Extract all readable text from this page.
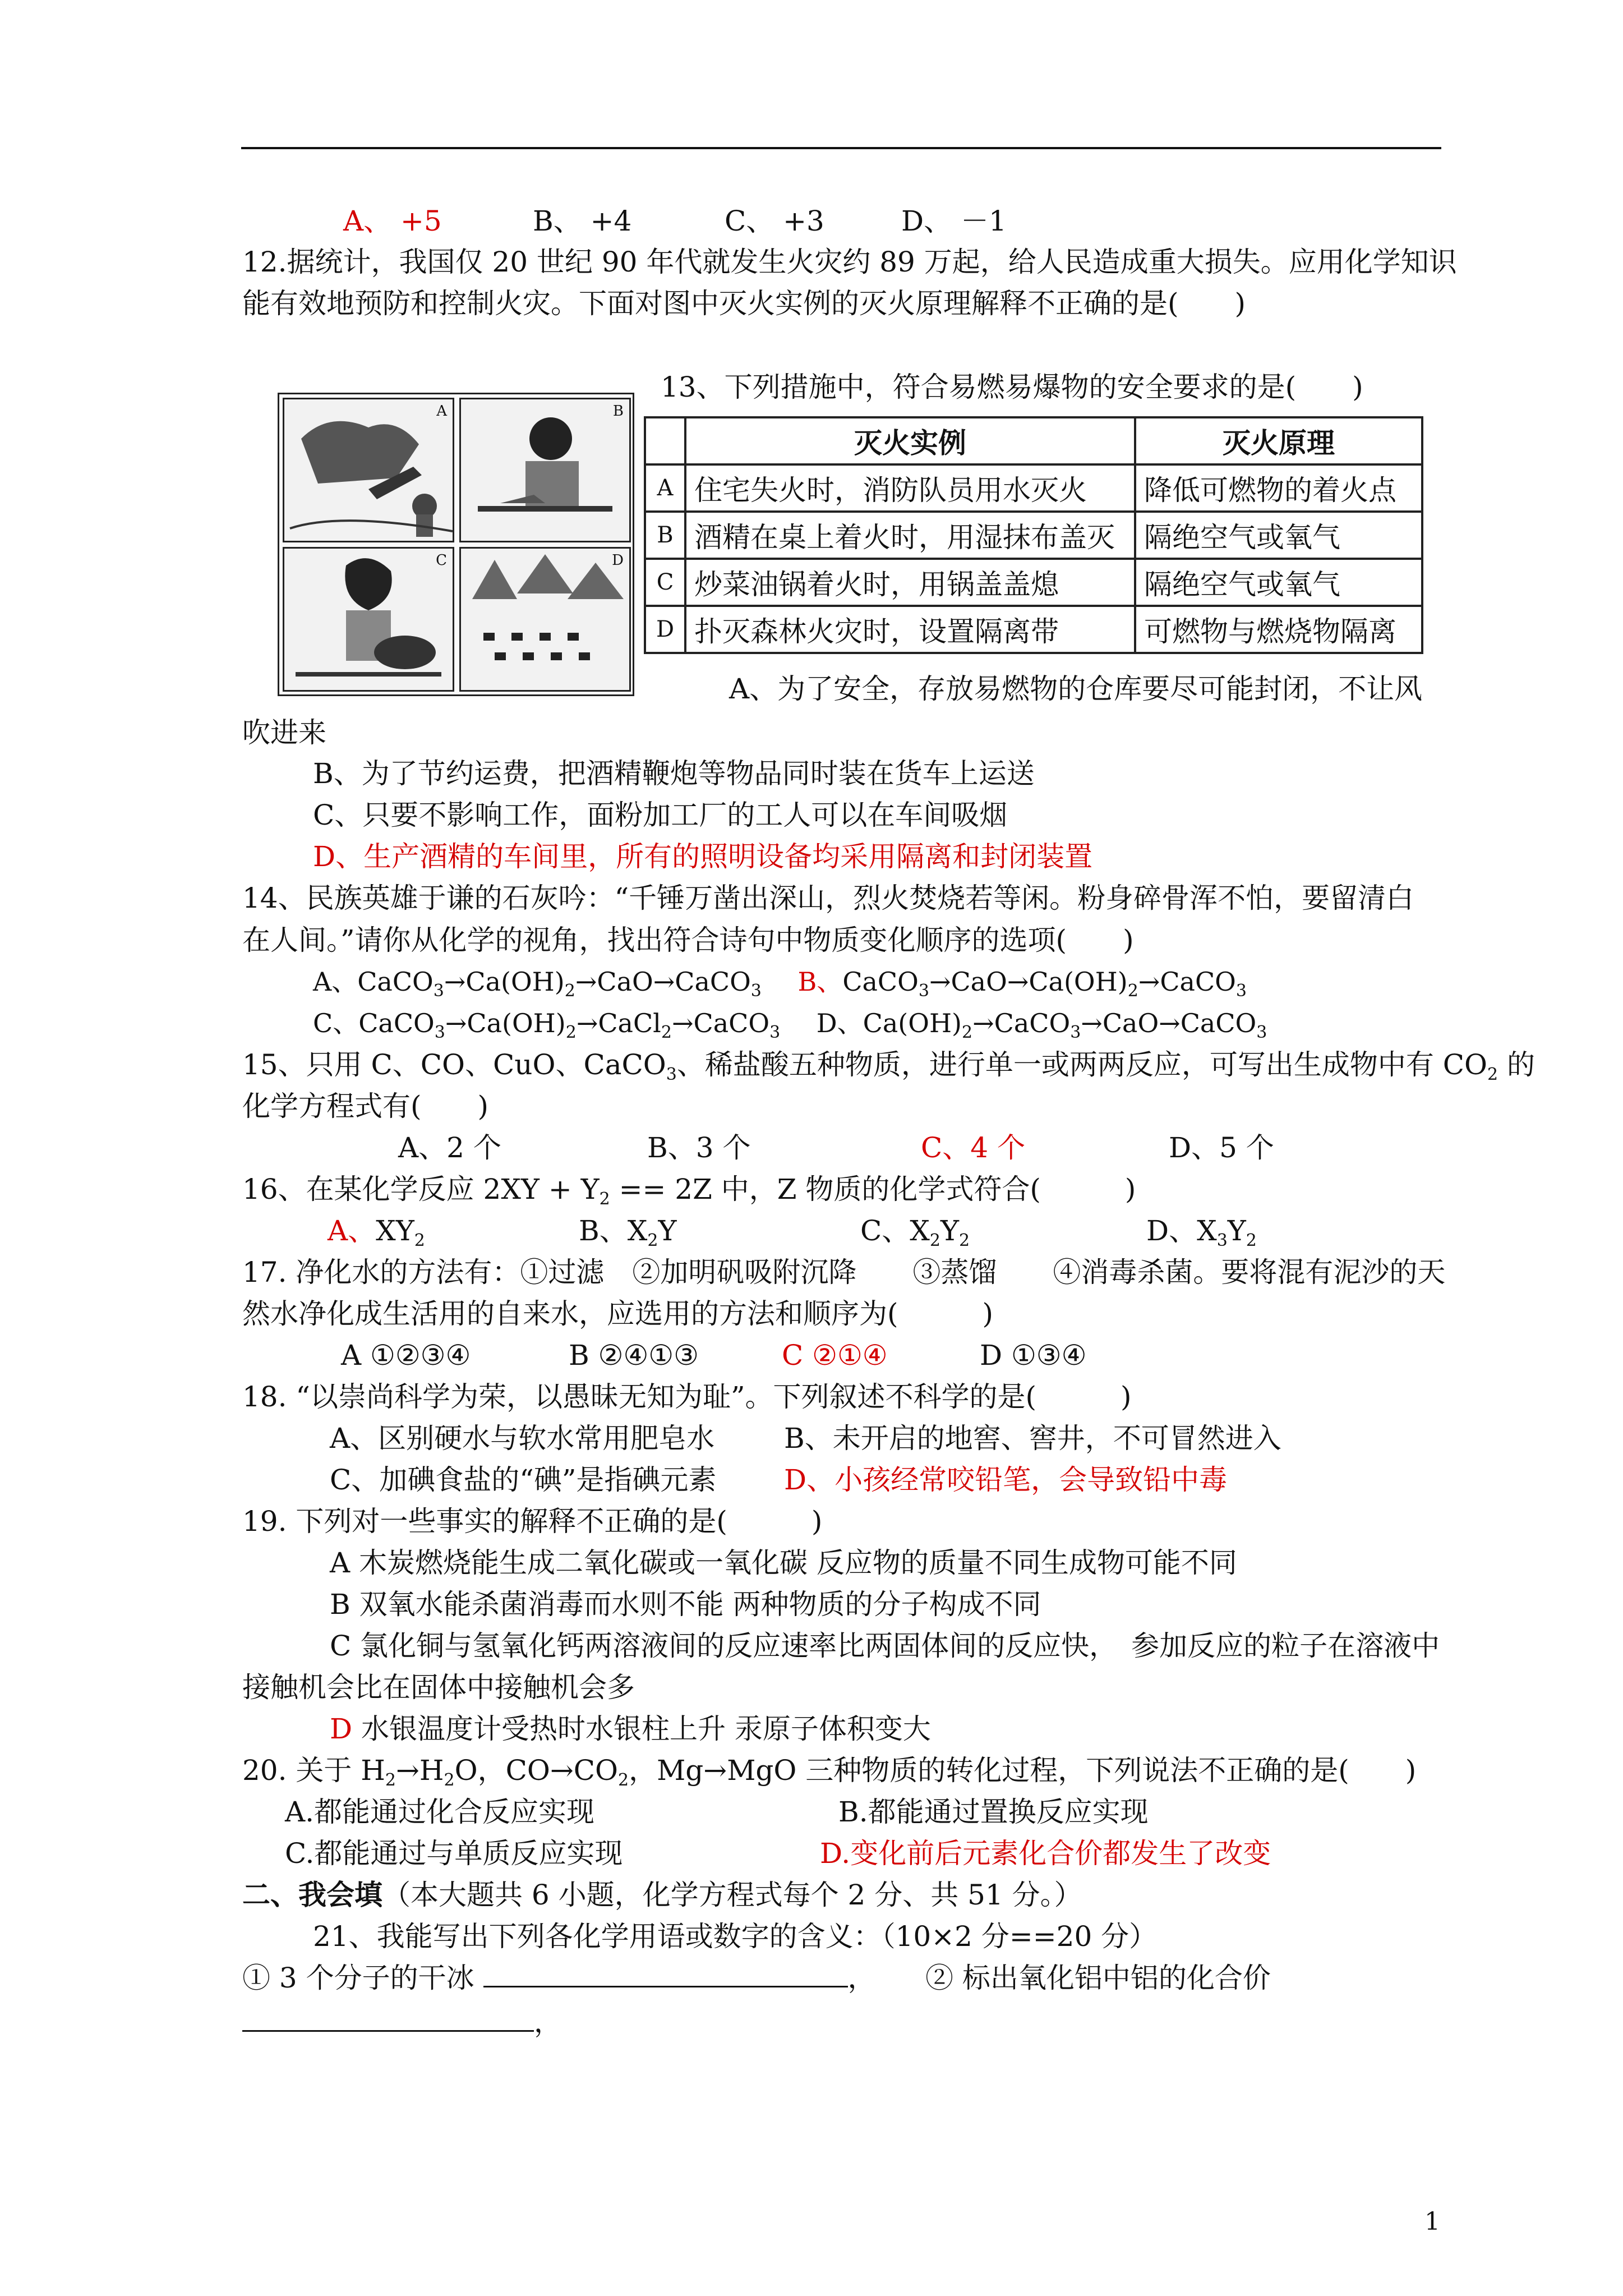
A、 +5	B、 +4	C、 +3	D、 －1
12.据统计，我国仅 20 世纪 90 年代就发生火灾约 89 万起，给人民造成重大损失。应用化学知识
能有效地预防和控制火灾。下面对图中灭火实例的灭火原理解释不正确的是(　　)
A	B
C	D
13、下列措施中，符合易燃易爆物的安全要求的是(　　)
	灭火实例	灭火原理
A	住宅失火时，消防队员用水灭火	降低可燃物的着火点
B	酒精在桌上着火时，用湿抹布盖灭	隔绝空气或氧气
C	炒菜油锅着火时，用锅盖盖熄	隔绝空气或氧气
D	扑灭森林火灾时，设置隔离带	可燃物与燃烧物隔离
A、为了安全，存放易燃物的仓库要尽可能封闭，不让风
吹进来
B、为了节约运费，把酒精鞭炮等物品同时装在货车上运送
C、只要不影响工作，面粉加工厂的工人可以在车间吸烟
D、生产酒精的车间里，所有的照明设备均采用隔离和封闭装置
14、民族英雄于谦的石灰吟：“千锤万凿出深山，烈火焚烧若等闲。粉身碎骨浑不怕，要留清白
在人间。”请你从化学的视角，找出符合诗句中物质变化顺序的选项(　　)
A、$CaCO_3\to Ca(OH)_2\to CaO\to CaCO_3$ B、$CaCO_3\to CaO\to Ca(OH)_2\to CaCO_3$
C、$CaCO_3\to Ca(OH)_2\to CaCl_2\to CaCO_3$ D、$Ca(OH)_2\to CaCO_3\to CaO\to CaCO_3$
15、只用 C、CO、CuO、CaCO$_3$、稀盐酸五种物质，进行单一或两两反应，可写出生成物中有 $CO_2$ 的
化学方程式有(　　)
A、2 个	B、3 个	C、4 个	D、5 个
16、在某化学反应 $2XY + Y_2 == 2Z$ 中，Z 物质的化学式符合(　　　)
A、$XY_2$	B、$X_2Y$	C、$X_2Y_2$	D、$X_3Y_2$
17. 净化水的方法有：①过滤　②加明矾吸附沉降　　③蒸馏　　④消毒杀菌。要将混有泥沙的天
然水净化成生活用的自来水，应选用的方法和顺序为(　　　)
A ①②③④	B ②④①③	C ②①④	D ①③④
18. “以崇尚科学为荣，以愚昧无知为耻”。下列叙述不科学的是(　　　)
A、区别硬水与软水常用肥皂水 B、未开启的地窖、窖井，不可冒然进入
C、加碘食盐的“碘”是指碘元素 D、小孩经常咬铅笔，会导致铅中毒
19. 下列对一些事实的解释不正确的是(　　　)
A 木炭燃烧能生成二氧化碳或一氧化碳 反应物的质量不同生成物可能不同
B 双氧水能杀菌消毒而水则不能 两种物质的分子构成不同
C 氯化铜与氢氧化钙两溶液间的反应速率比两固体间的反应快，　参加反应的粒子在溶液中
接触机会比在固体中接触机会多
D 水银温度计受热时水银柱上升 汞原子体积变大
20. 关于 $H_2\to H_2O$，$CO\to CO_2$，Mg→MgO 三种物质的转化过程，下列说法不正确的是(　　)
A.都能通过化合反应实现	B.都能通过置换反应实现
C.都能通过与单质反应实现	D.变化前后元素化合价都发生了改变
二、我会填（本大题共 6 小题，化学方程式每个 2 分、共 51 分。）
21、我能写出下列各化学用语或数字的含义：（10×2 分==20 分）
① 3 个分子的干冰	， ② 标出氧化铝中铝的化合价
，
1
